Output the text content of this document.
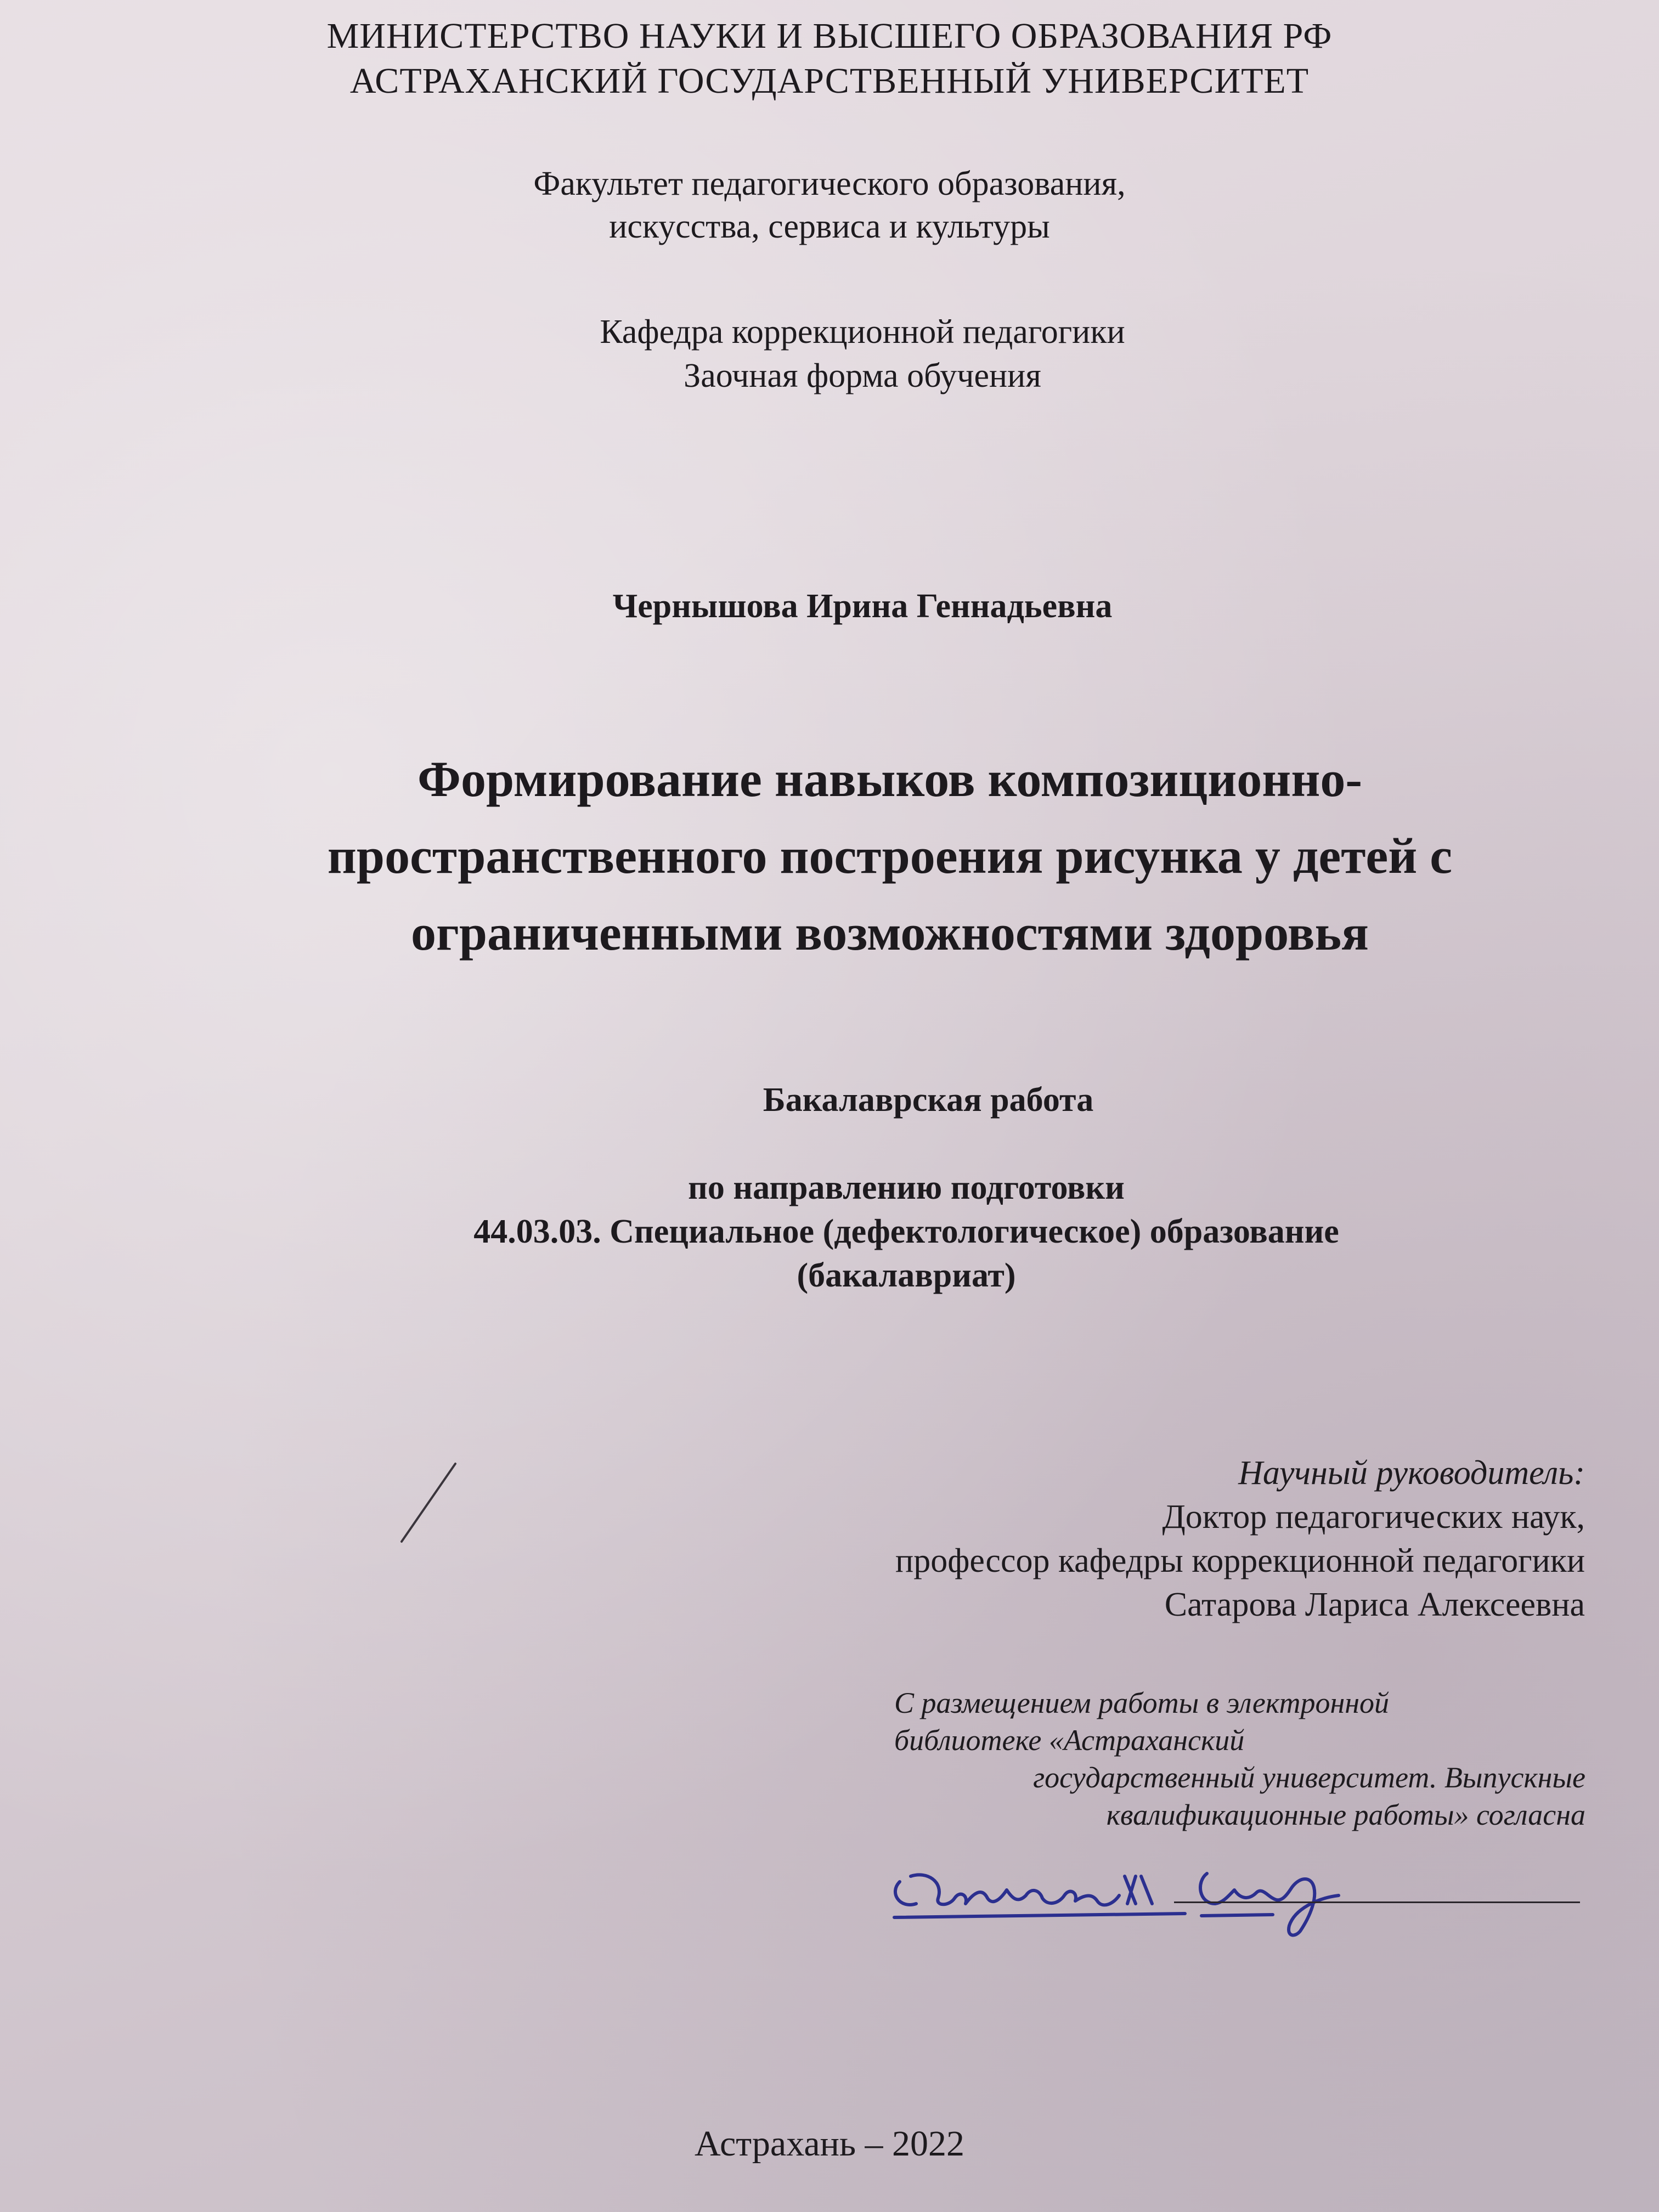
МИНИСТЕРСТВО НАУКИ И ВЫСШЕГО ОБРАЗОВАНИЯ РФ
АСТРАХАНСКИЙ ГОСУДАРСТВЕННЫЙ УНИВЕРСИТЕТ
Факультет педагогического образования,
искусства, сервиса и культуры
Кафедра коррекционной педагогики
Заочная форма обучения
Чернышова Ирина Геннадьевна
Формирование навыков композиционно-
пространственного построения рисунка у детей с
ограниченными возможностями здоровья
Бакалаврская работа
по направлению подготовки
44.03.03. Специальное (дефектологическое) образование
(бакалавриат)
Научный руководитель:
Доктор педагогических наук,
профессор кафедры коррекционной педагогики
Сатарова Лариса Алексеевна
С размещением работы в электронной
библиотеке «Астраханский
государственный университет. Выпускные
квалификационные работы» согласна
Астрахань – 2022
